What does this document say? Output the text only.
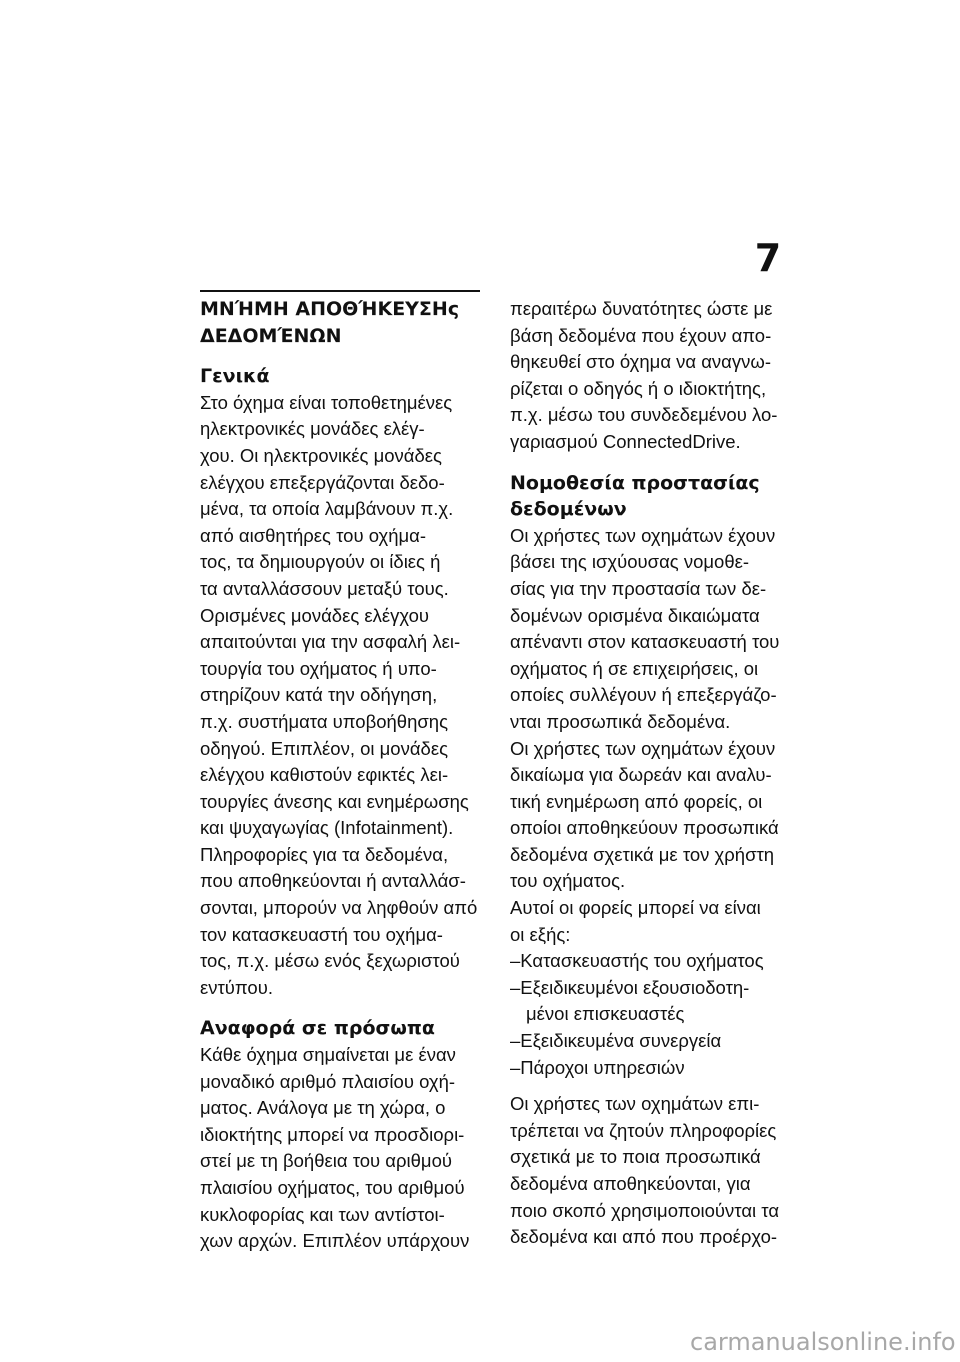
7

ΜΝΉΜΗ ΑΠΟΘΉΚΕΥΣΗς

ΔΕΔΟΜΈΝΩΝ

Γενικά

Στο όχημα είναι τοποθετημένες

ηλεκτρονικές μονάδες ελέγ-

χου. Οι ηλεκτρονικές μονάδες

ελέγχου επεξεργάζονται δεδο-

μένα, τα οποία λαμβάνουν π.χ.

από αισθητήρες του οχήμα-

τος, τα δημιουργούν οι ίδιες ή

τα ανταλλάσσουν μεταξύ τους.

Ορισμένες μονάδες ελέγχου

απαιτούνται για την ασφαλή λει-

τουργία του οχήματος ή υπο-

στηρίζουν κατά την οδήγηση,

π.χ. συστήματα υποβοήθησης

οδηγού. Επιπλέον, οι μονάδες

ελέγχου καθιστούν εφικτές λει-

τουργίες άνεσης και ενημέρωσης

και ψυχαγωγίας (Infotainment).

Πληροφορίες για τα δεδομένα,

που αποθηκεύονται ή ανταλλάσ-

σονται, μπορούν να ληφθούν από

τον κατασκευαστή του οχήμα-

τος, π.χ. μέσω ενός ξεχωριστού

εντύπου.

Αναφορά σε πρόσωπα

Κάθε όχημα σημαίνεται με έναν

μοναδικό αριθμό πλαισίου οχή-

ματος. Ανάλογα με τη χώρα, ο

ιδιοκτήτης μπορεί να προσδιορι-

στεί με τη βοήθεια του αριθμού

πλαισίου οχήματος, του αριθμού

κυκλοφορίας και των αντίστοι-

χων αρχών. Επιπλέον υπάρχουν

περαιτέρω δυνατότητες ώστε με

βάση δεδομένα που έχουν απο-

θηκευθεί στο όχημα να αναγνω-

ρίζεται ο οδηγός ή ο ιδιοκτήτης,

π.χ. μέσω του συνδεδεμένου λο-

γαριασμού ConnectedDrive.

Νομοθεσία προστασίας

δεδομένων

Οι χρήστες των οχημάτων έχουν

βάσει της ισχύουσας νομοθε-

σίας για την προστασία των δε-

δομένων ορισμένα δικαιώματα

απέναντι στον κατασκευαστή του

οχήματος ή σε επιχειρήσεις, οι

οποίες συλλέγουν ή επεξεργάζο-

νται προσωπικά δεδομένα.

Οι χρήστες των οχημάτων έχουν

δικαίωμα για δωρεάν και αναλυ-

τική ενημέρωση από φορείς, οι

οποίοι αποθηκεύουν προσωπικά

δεδομένα σχετικά με τον χρήστη

του οχήματος.

Αυτοί οι φορείς μπορεί να είναι

οι εξής:

–Κατασκευαστής του οχήματος

–Εξειδικευμένοι εξουσιοδοτη-

μένοι επισκευαστές

–Εξειδικευμένα συνεργεία

–Πάροχοι υπηρεσιών

Οι χρήστες των οχημάτων επι-

τρέπεται να ζητούν πληροφορίες

σχετικά με το ποια προσωπικά

δεδομένα αποθηκεύονται, για

ποιο σκοπό χρησιμοποιούνται τα

δεδομένα και από που προέρχο-

carmanualsonline.info
